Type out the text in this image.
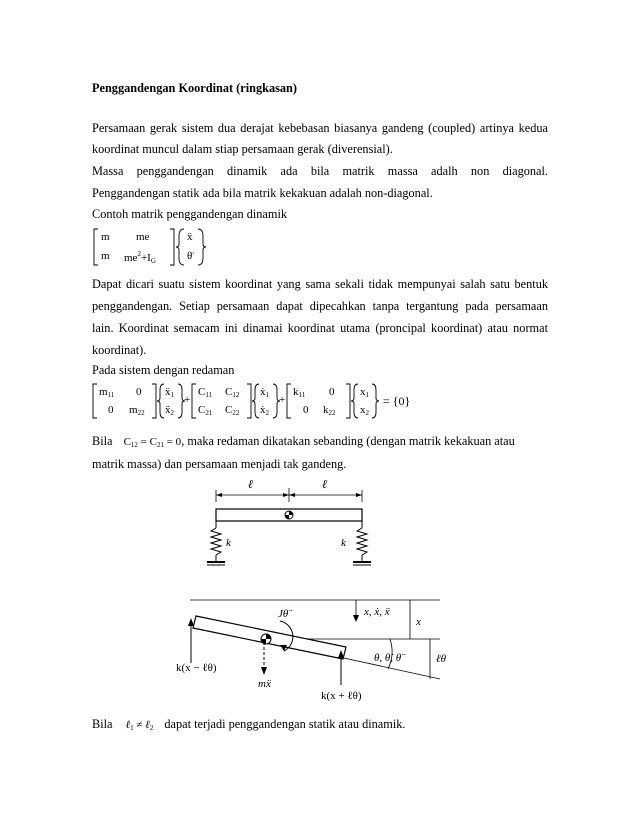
Penggandengan Koordinat (ringkasan)
Persamaan gerak sistem dua derajat kebebasan biasanya gandeng (coupled) artinya kedua
koordinat muncul dalam stiap persamaan gerak (diverensial).
Massa penggandengan dinamik ada bila matrik massa adalh non diagonal.
Penggandengan statik ada bila matrik kekakuan adalah non-diagonal.
Contoh matrik penggandengan dinamik
m me
m $me^2+I_G$
ẍ
θ̈
Dapat dicari suatu sistem koordinat yang sama sekali tidak mempunyai salah satu bentuk
penggandengan. Setiap persamaan dapat dipecahkan tanpa tergantung pada persamaan
lain. Koordinat semacam ini dinamai koordinat utama (proncipal koordinat) atau normat
koordinat).
Pada sistem dengan redaman
$m_{11}$ 0
0 $m_{22}$
ẍ$_1$
ẍ$_2$
+
$C_{11}$ $C_{12}$
$C_{21}$ $C_{22}$
ẋ$_1$
ẋ$_2$
+
$k_{11}$ 0
0 $k_{22}$
$x_1$
$x_2$
= {0}
Bila $C_{12} = C_{21} = 0$, maka redaman dikatakan sebanding (dengan matrik kekakuan atau
matrik massa) dan persamaan menjadi tak gandeng.
ℓ	ℓ
k	k
Jθ̈
k(x − ℓθ)
mẍ
k(x + ℓθ)
x, ẋ, ẍ
x
θ, θ̇, θ̈	ℓθ
Bila ℓ$_1$ ≠ ℓ$_2$ dapat terjadi penggandengan statik atau dinamik.
